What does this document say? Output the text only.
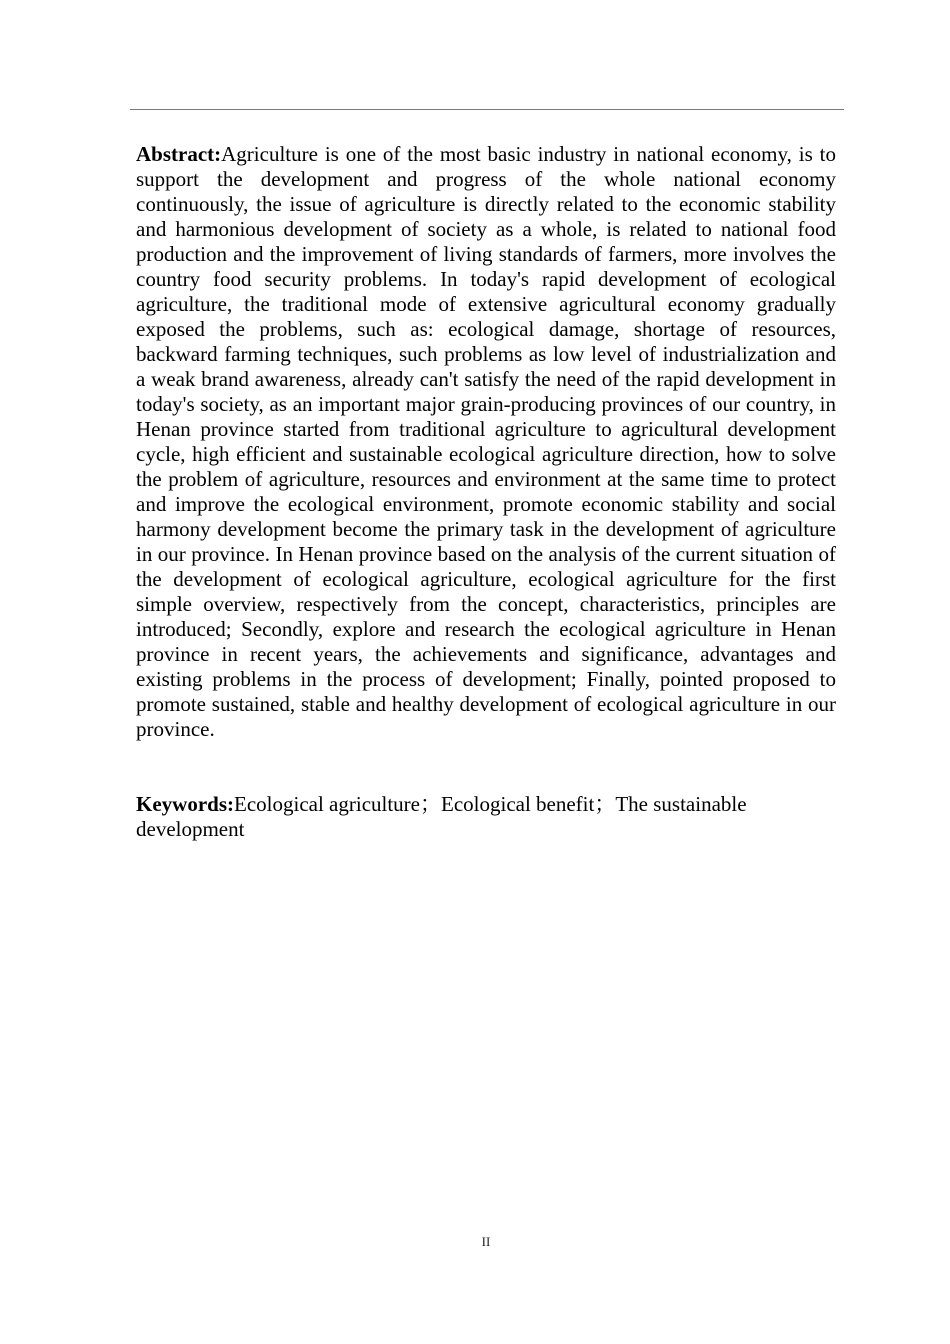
Abstract:Agriculture is one of the most basic industry in national economy, is to support the development and progress of the whole national economy continuously, the issue of agriculture is directly related to the economic stability and harmonious development of society as a whole, is related to national food production and the improvement of living standards of farmers, more involves the country food security problems. In today's rapid development of ecological agriculture, the traditional mode of extensive agricultural economy gradually exposed the problems, such as: ecological damage, shortage of resources, backward farming techniques, such problems as low level of industrialization and a weak brand awareness, already can't satisfy the need of the rapid development in today's society, as an important major grain-producing provinces of our country, in Henan province started from traditional agriculture to agricultural development cycle, high efficient and sustainable ecological agriculture direction, how to solve the problem of agriculture, resources and environment at the same time to protect and improve the ecological environment, promote economic stability and social harmony development become the primary task in the development of agriculture in our province. In Henan province based on the analysis of the current situation of the development of ecological agriculture, ecological agriculture for the first simple overview, respectively from the concept, characteristics, principles are introduced; Secondly, explore and research the ecological agriculture in Henan province in recent years, the achievements and significance, advantages and existing problems in the process of development; Finally, pointed proposed to promote sustained, stable and healthy development of ecological agriculture in our province.

Keywords:Ecological agriculture；Ecological benefit；The sustainable development

II
